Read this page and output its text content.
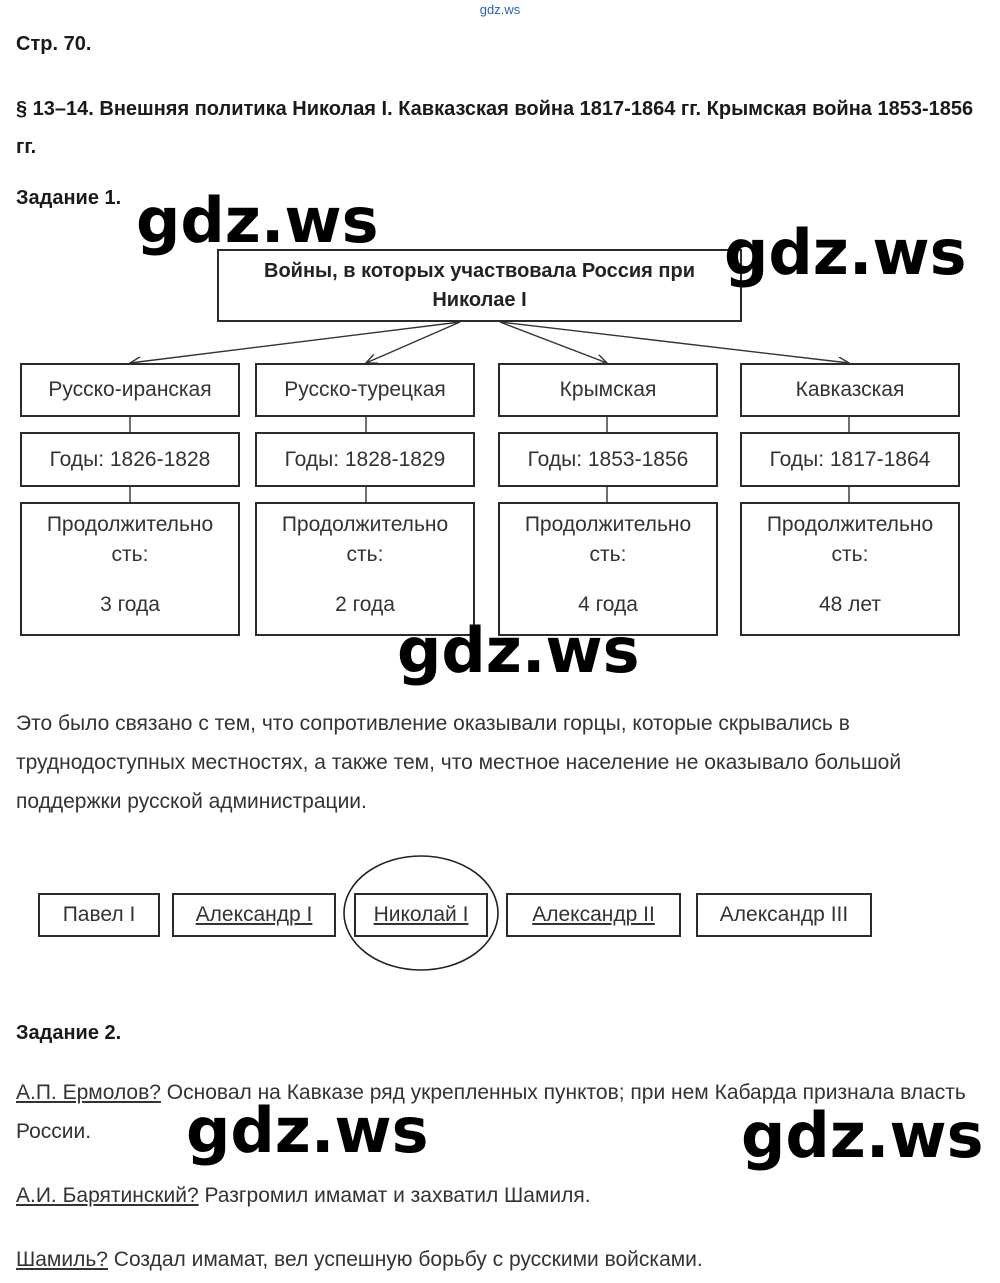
gdz.ws
Стр. 70.
§ 13–14. Внешняя политика Николая I. Кавказская война 1817-1864 гг. Крымская война 1853-1856 гг.
Задание 1.
Войны, в которых участвовала Россия при
Николае I
Русско-иранская
Годы: 1826-1828
Продолжительно
сть:
3 года
Русско-турецкая
Годы: 1828-1829
Продолжительно
сть:
2 года
Крымская
Годы: 1853-1856
Продолжительно
сть:
4 года
Кавказская
Годы: 1817-1864
Продолжительно
сть:
48 лет
Это было связано с тем, что сопротивление оказывали горцы, которые скрывались в труднодоступных местностях, а также тем, что местное население не оказывало большой поддержки русской администрации.
Павел I	Александр I	Николай I	Александр II	Александр III
Задание 2.
А.П. Ермолов? Основал на Кавказе ряд укрепленных пунктов; при нем Кабарда признала власть России.
А.И. Барятинский? Разгромил имамат и захватил Шамиля.
Шамиль? Создал имамат, вел успешную борьбу с русскими войсками.
gdz.ws	gdz.ws
gdz.ws
gdz.ws	gdz.ws
